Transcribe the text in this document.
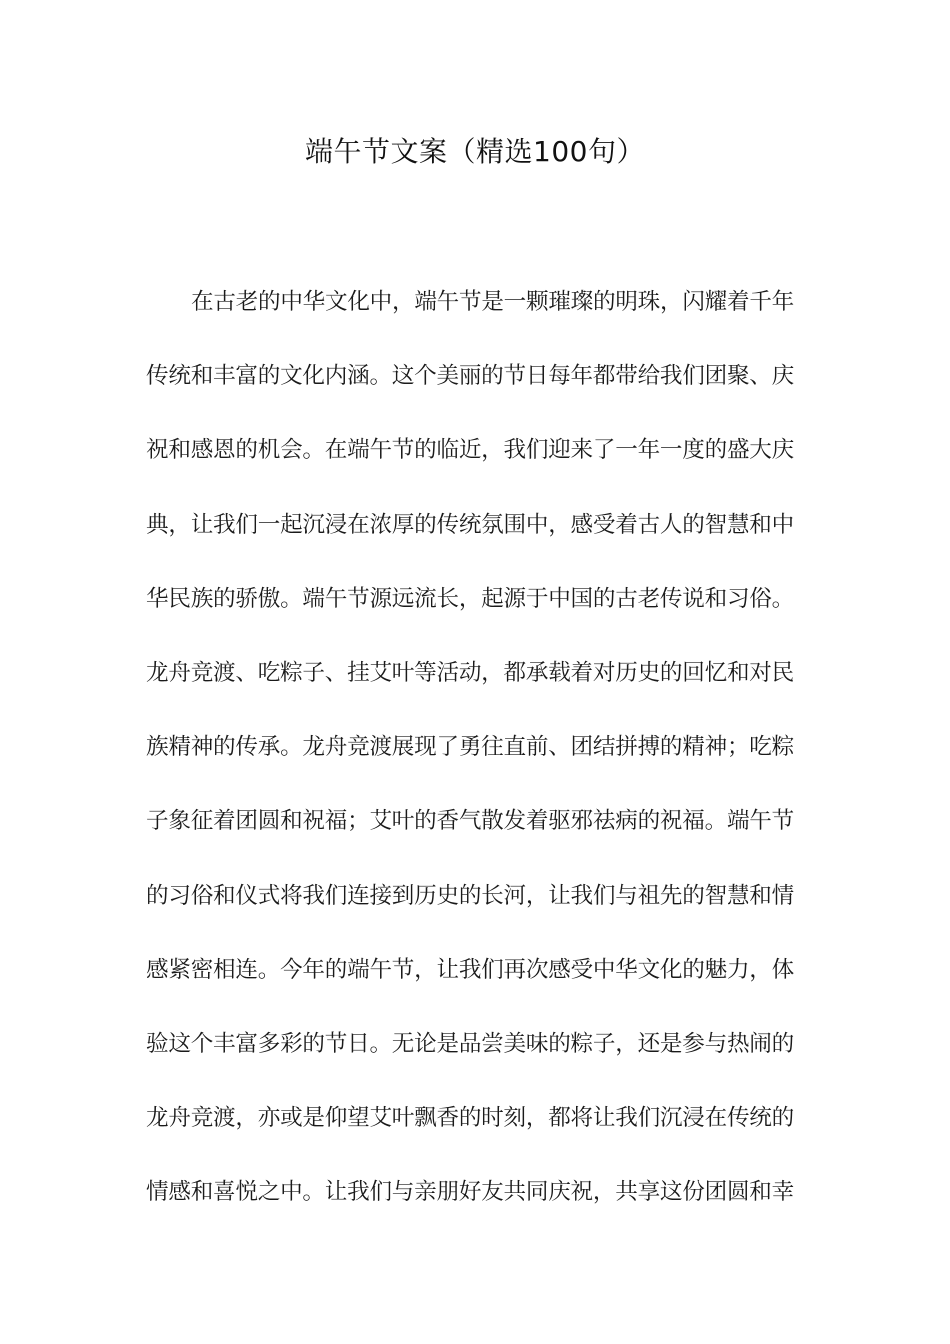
端午节文案（精选100句）
在古老的中华文化中，端午节是一颗璀璨的明珠，闪耀着千年
传统和丰富的文化内涵。这个美丽的节日每年都带给我们团聚、庆
祝和感恩的机会。在端午节的临近，我们迎来了一年一度的盛大庆
典，让我们一起沉浸在浓厚的传统氛围中，感受着古人的智慧和中
华民族的骄傲。端午节源远流长，起源于中国的古老传说和习俗。
龙舟竞渡、吃粽子、挂艾叶等活动，都承载着对历史的回忆和对民
族精神的传承。龙舟竞渡展现了勇往直前、团结拼搏的精神；吃粽
子象征着团圆和祝福；艾叶的香气散发着驱邪祛病的祝福。端午节
的习俗和仪式将我们连接到历史的长河，让我们与祖先的智慧和情
感紧密相连。今年的端午节，让我们再次感受中华文化的魅力，体
验这个丰富多彩的节日。无论是品尝美味的粽子，还是参与热闹的
龙舟竞渡，亦或是仰望艾叶飘香的时刻，都将让我们沉浸在传统的
情感和喜悦之中。让我们与亲朋好友共同庆祝，共享这份团圆和幸
